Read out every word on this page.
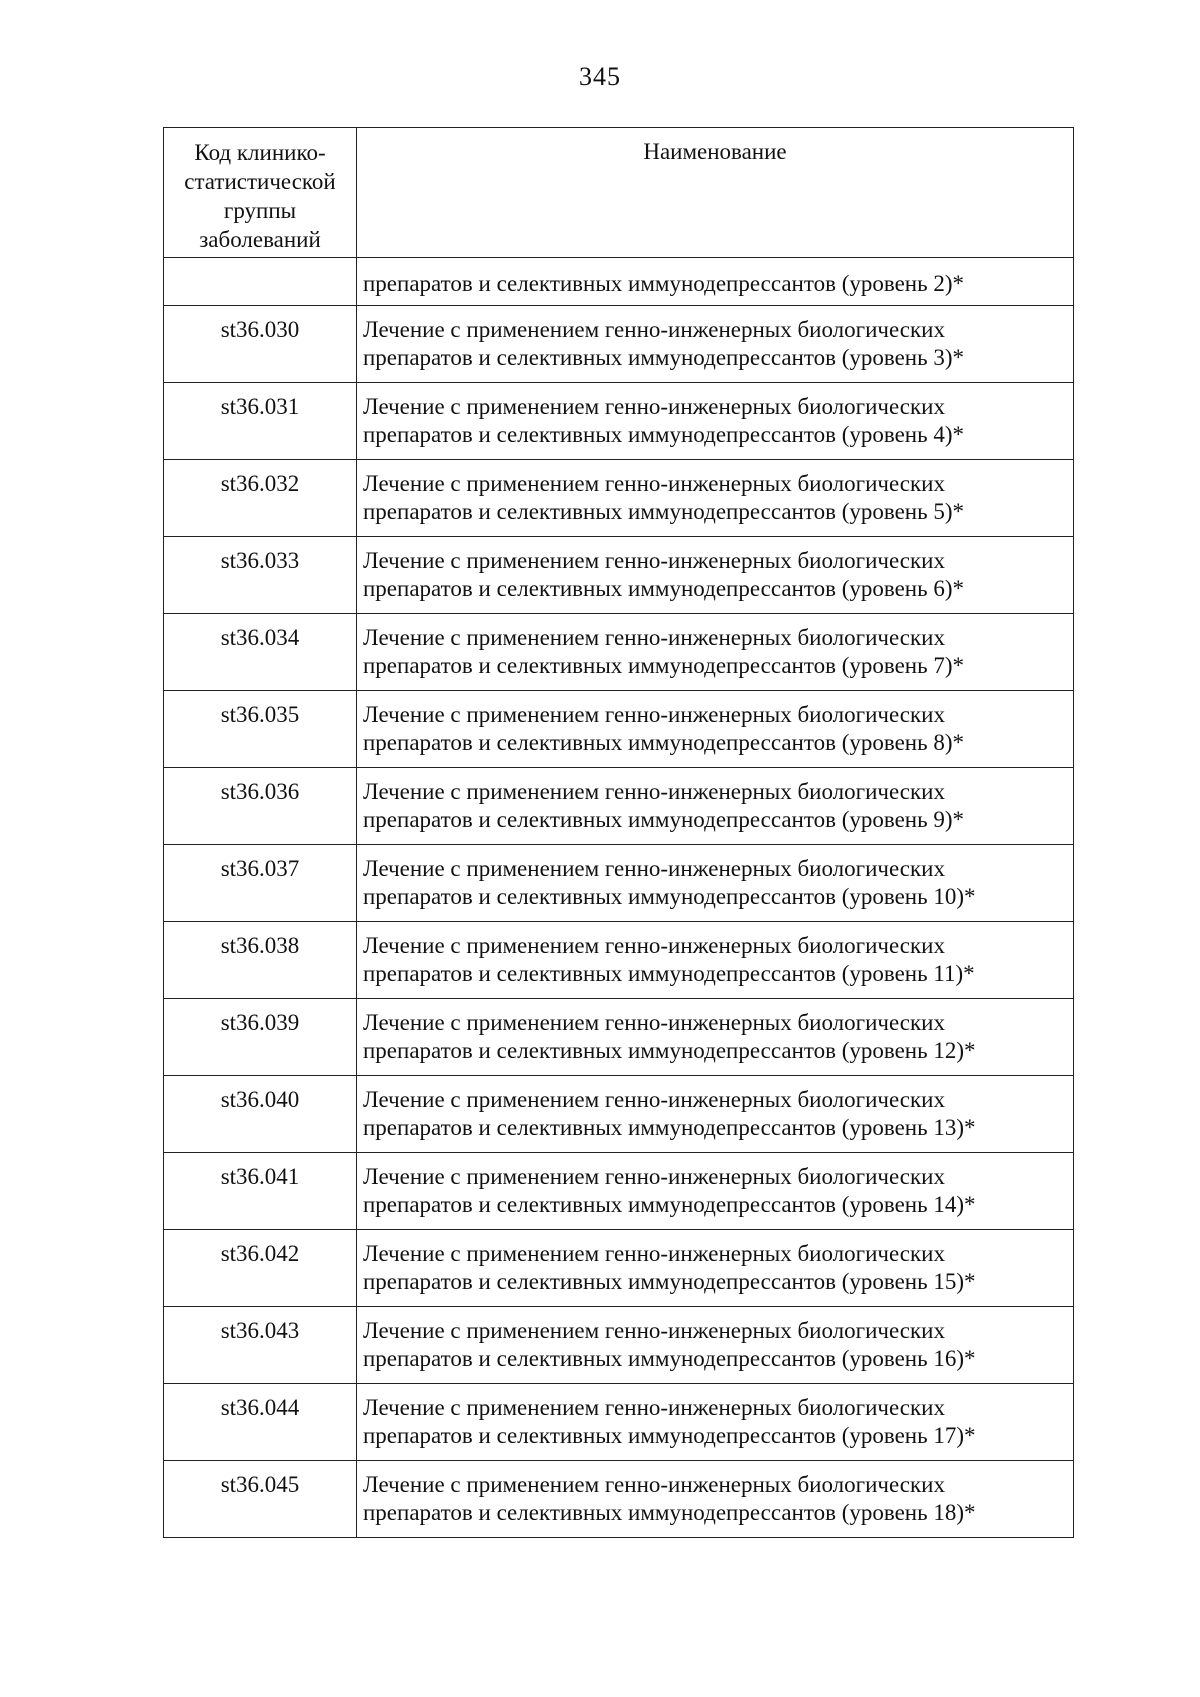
345
Код клинико-
статистической
группы
заболеваний	Наименование

	препаратов и селективных иммунодепрессантов (уровень 2)*

st36.030	Лечение с применением генно-инженерных биологических
препаратов и селективных иммунодепрессантов (уровень 3)*

st36.031	Лечение с применением генно-инженерных биологических
препаратов и селективных иммунодепрессантов (уровень 4)*

st36.032	Лечение с применением генно-инженерных биологических
препаратов и селективных иммунодепрессантов (уровень 5)*

st36.033	Лечение с применением генно-инженерных биологических
препаратов и селективных иммунодепрессантов (уровень 6)*

st36.034	Лечение с применением генно-инженерных биологических
препаратов и селективных иммунодепрессантов (уровень 7)*

st36.035	Лечение с применением генно-инженерных биологических
препаратов и селективных иммунодепрессантов (уровень 8)*

st36.036	Лечение с применением генно-инженерных биологических
препаратов и селективных иммунодепрессантов (уровень 9)*

st36.037	Лечение с применением генно-инженерных биологических
препаратов и селективных иммунодепрессантов (уровень 10)*

st36.038	Лечение с применением генно-инженерных биологических
препаратов и селективных иммунодепрессантов (уровень 11)*

st36.039	Лечение с применением генно-инженерных биологических
препаратов и селективных иммунодепрессантов (уровень 12)*

st36.040	Лечение с применением генно-инженерных биологических
препаратов и селективных иммунодепрессантов (уровень 13)*

st36.041	Лечение с применением генно-инженерных биологических
препаратов и селективных иммунодепрессантов (уровень 14)*

st36.042	Лечение с применением генно-инженерных биологических
препаратов и селективных иммунодепрессантов (уровень 15)*

st36.043	Лечение с применением генно-инженерных биологических
препаратов и селективных иммунодепрессантов (уровень 16)*

st36.044	Лечение с применением генно-инженерных биологических
препаратов и селективных иммунодепрессантов (уровень 17)*

st36.045	Лечение с применением генно-инженерных биологических
препаратов и селективных иммунодепрессантов (уровень 18)*
